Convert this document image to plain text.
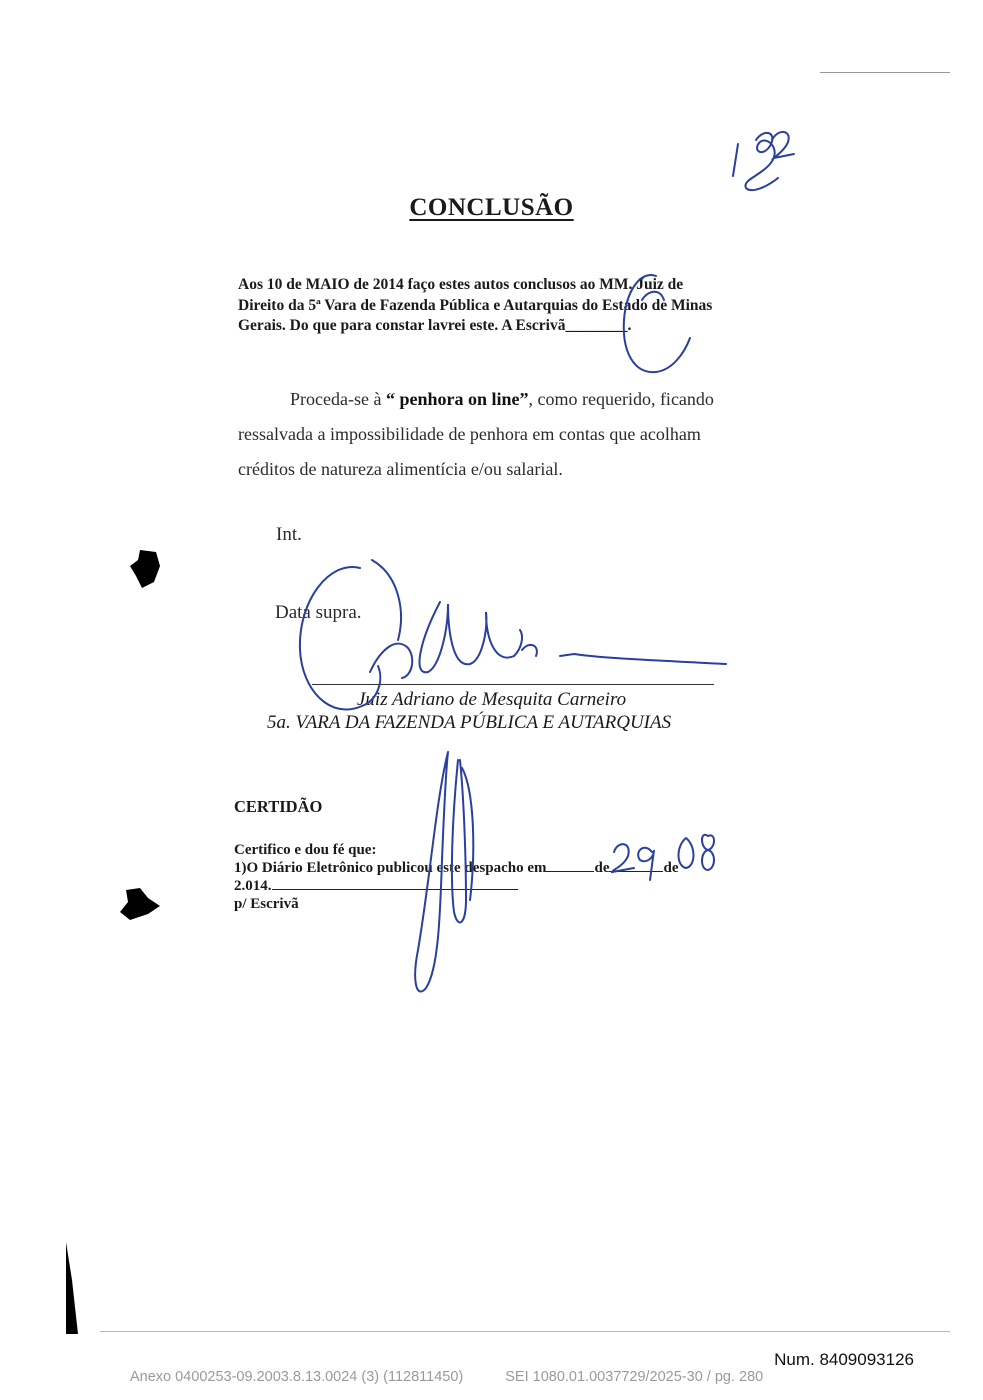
CONCLUSÃO
Aos 10 de MAIO de 2014 faço estes autos conclusos ao MM. Juiz de
Direito da 5ª Vara de Fazenda Pública e Autarquias do Estado de Minas
Gerais. Do que para constar lavrei este. A Escrivã________.
Proceda-se à “ penhora on line”, como requerido, ficando
ressalvada a impossibilidade de penhora em contas que acolham
créditos de natureza alimentícia e/ou salarial.
Int.
Data supra.
Juiz Adriano de Mesquita Carneiro
5a. VARA DA FAZENDA PÚBLICA E AUTARQUIAS
CERTIDÃO
Certifico e dou fé que:
1)O Diário Eletrônico publicou este despacho em	de	de
2.014.
p/ Escrivã
Num. 8409093126
Anexo 0400253-09.2003.8.13.0024 (3) (112811450)	SEI 1080.01.0037729/2025-30 / pg. 280
